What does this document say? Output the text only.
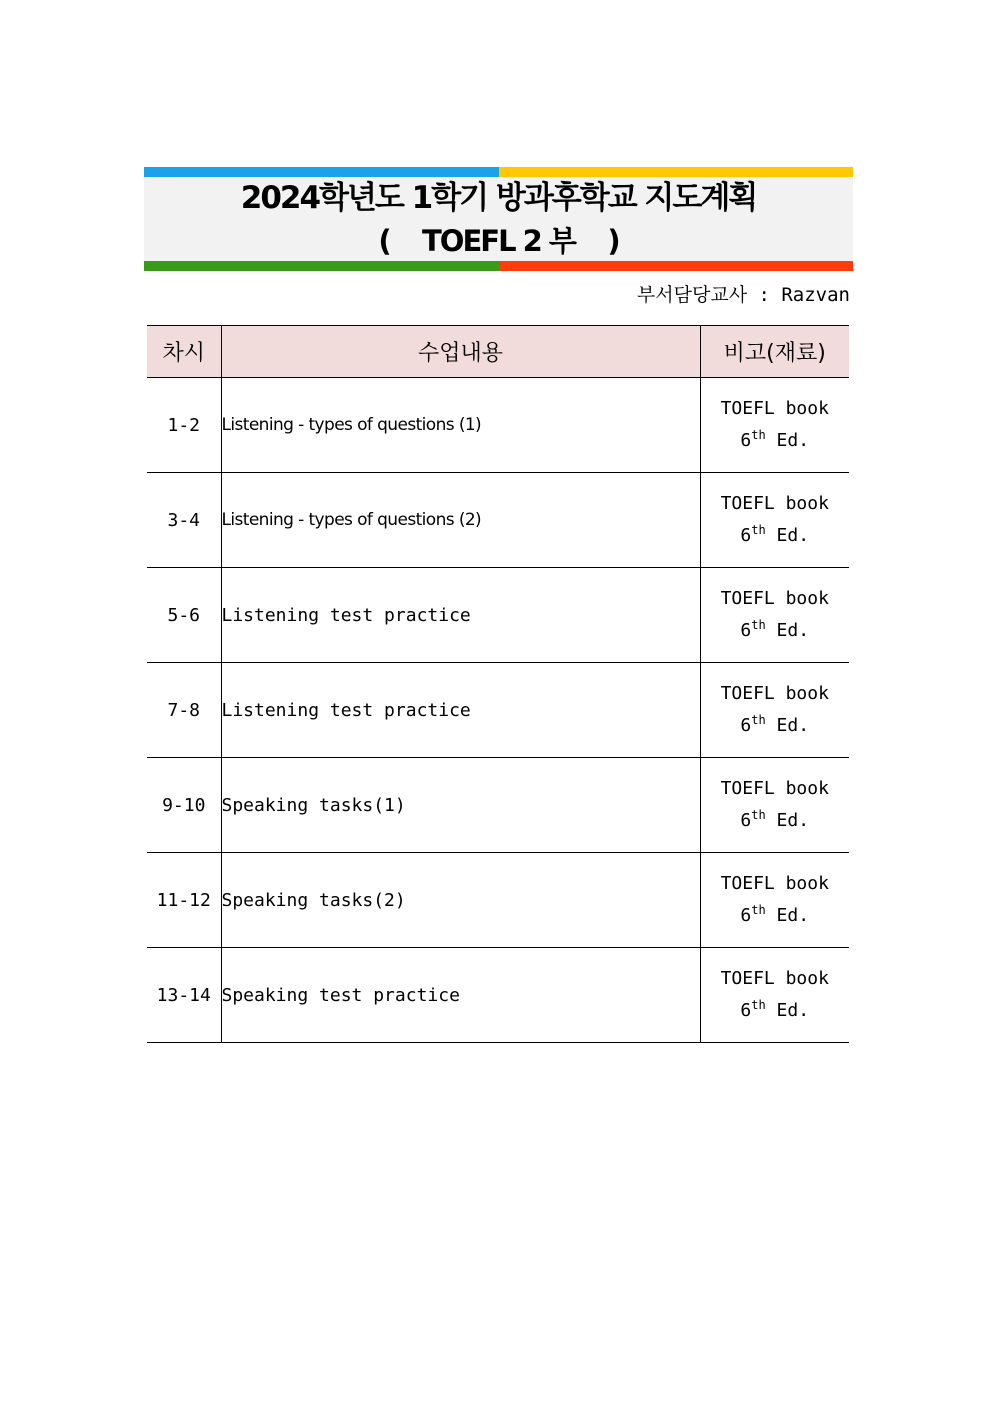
2024학년도 1학기 방과후학교 지도계획
(    TOEFL 2 부    )
부서담당교사 : Razvan
차시	수업내용	비고(재료)
1-2	Listening - types of questions (1)	TOEFL book
6th Ed.
3-4	Listening - types of questions (2)	TOEFL book
6th Ed.
5-6	Listening test practice	TOEFL book
6th Ed.
7-8	Listening test practice	TOEFL book
6th Ed.
9-10	Speaking tasks(1)	TOEFL book
6th Ed.
11-12	Speaking tasks(2)	TOEFL book
6th Ed.
13-14	Speaking test practice	TOEFL book
6th Ed.
